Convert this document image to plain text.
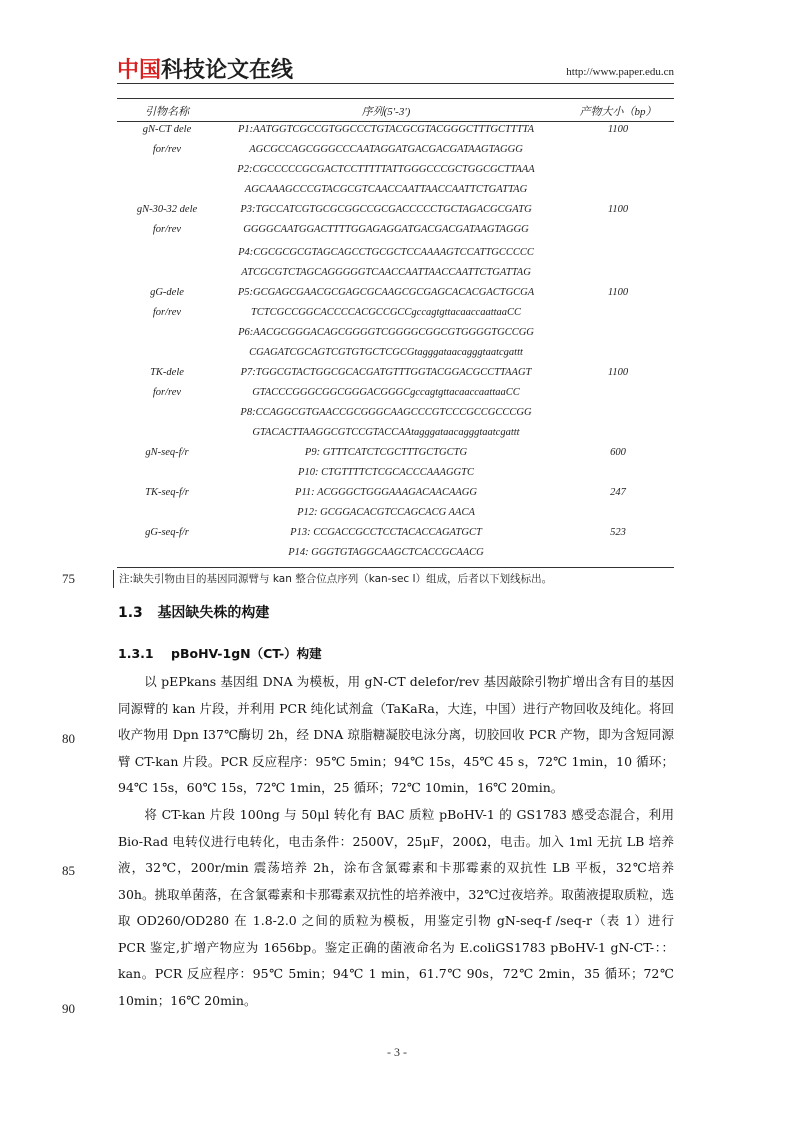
中国科技论文在线	http://www.paper.edu.cn
引物名称	序列(5'-3')	产物大小（bp）
gN-CT dele	P1:AATGGTCGCCGTGGCCCTGTACGCGTACGGGCTTTGCTTTTA	1100
for/rev	AGCGCCAGCGGGCCCAATAGGATGACGACGATAAGTAGGG
P2:CGCCCCCGCGACTCCTTTTTATTGGGCCCGCTGGCGCTTAAA
AGCAAAGCCCGTACGCGTCAACCAATTAACCAATTCTGATTAG
gN-30-32 dele	P3:TGCCATCGTGCGCGGCCGCGACCCCCTGCTAGACGCGATG	1100
for/rev	GGGGCAATGGACTTTTGGAGAGGATGACGACGATAAGTAGGG
P4:CGCGCGCGTAGCAGCCTGCGCTCCAAAAGTCCATTGCCCCC
ATCGCGTCTAGCAGGGGGTCAACCAATTAACCAATTCTGATTAG
gG-dele	P5:GCGAGCGAACGCGAGCGCAAGCGCGAGCACACGACTGCGA	1100
for/rev	TCTCGCCGGCACCCCACGCCGCCgccagtgttacaaccaattaaCC
P6:AACGCGGGACAGCGGGGTCGGGGCGGCGTGGGGTGCCGG
CGAGATCGCAGTCGTGTGCTCGCGtagggataacagggtaatcgattt
TK-dele	P7:TGGCGTACTGGCGCACGATGTTTGGTACGGACGCCTTAAGT	1100
for/rev	GTACCCGGGCGGCGGGACGGGCgccagtgttacaaccaattaaCC
P8:CCAGGCGTGAACCGCGGGCAAGCCCGTCCCGCCGCCCGG
GTACACTTAAGGCGTCCGTACCAAtagggataacagggtaatcgattt
gN-seq-f/r	P9: GTTTCATCTCGCTTTGCTGCTG	600
P10: CTGTTTTCTCGCACCCAAAGGTC
TK-seq-f/r	P11: ACGGGCTGGGAAAGACAACAAGG	247
P12: GCGGACACGTCCAGCACG AACA
gG-seq-f/r	P13: CCGACCGCCTCCTACACCAGATGCT	523
P14: GGGTGTAGGCAAGCTCACCGCAACG
注:缺失引物由目的基因同源臂与 kan 整合位点序列（kan-sec Ⅰ）组成，后者以下划线标出。
75
80
85
90
1.3 基因缺失株的构建
1.3.1 pBoHV-1gN（CT-）构建
以 pEPkans 基因组 DNA 为模板，用 gN-CT delefor/rev 基因敲除引物扩增出含有目的基因同源臂的 kan 片段，并利用 PCR 纯化试剂盒（TaKaRa，大连，中国）进行产物回收及纯化。将回收产物用 Dpn Ⅰ37℃酶切 2h，经 DNA 琼脂糖凝胶电泳分离，切胶回收 PCR 产物，即为含短同源臂 CT-kan 片段。PCR 反应程序：95℃ 5min；94℃ 15s，45℃ 45 s，72℃ 1min，10 循环；94℃ 15s，60℃ 15s，72℃ 1min，25 循环；72℃ 10min，16℃ 20min。
将 CT-kan 片段 100ng 与 50μl 转化有 BAC 质粒 pBoHV-1 的 GS1783 感受态混合，利用 Bio-Rad 电转仪进行电转化，电击条件：2500V，25μF，200Ω，电击。加入 1ml 无抗 LB 培养液，32℃，200r/min 震荡培养 2h，涂布含氯霉素和卡那霉素的双抗性 LB 平板，32℃培养 30h。挑取单菌落，在含氯霉素和卡那霉素双抗性的培养液中，32℃过夜培养。取菌液提取质粒，选取 OD260/OD280 在 1.8-2.0 之间的质粒为模板，用鉴定引物 gN-seq-f /seq-r（表 1）进行 PCR 鉴定,扩增产物应为 1656bp。鉴定正确的菌液命名为 E.coliGS1783 pBoHV-1 gN-CT-：：kan。PCR 反应程序：95℃ 5min；94℃ 1 min，61.7℃ 90s，72℃ 2min，35 循环；72℃ 10min；16℃ 20min。
- 3 -
